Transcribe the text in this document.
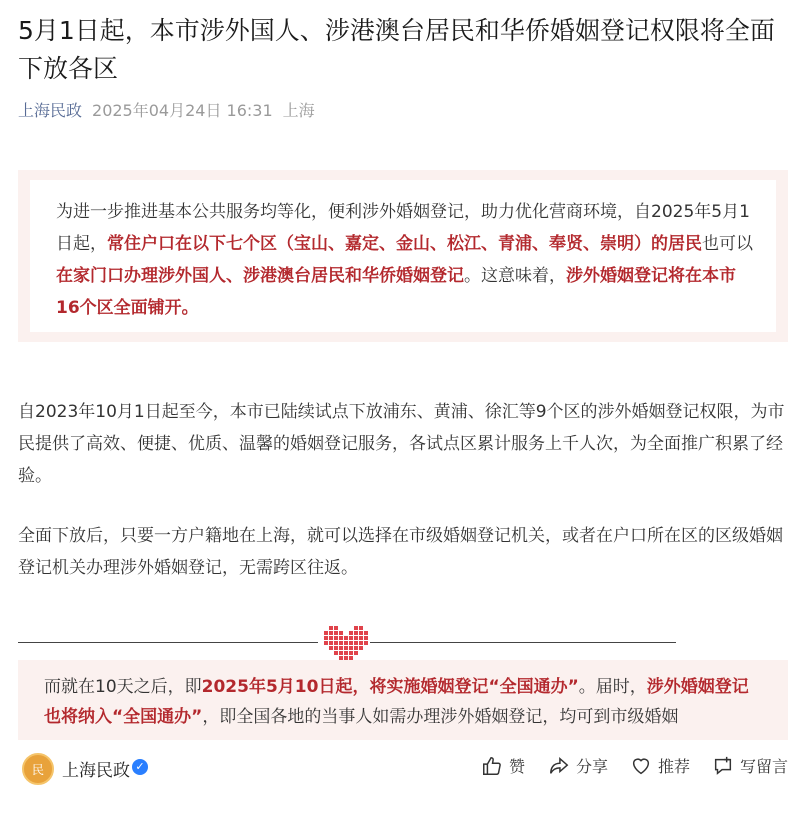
5月1日起，本市涉外国人、涉港澳台居民和华侨婚姻登记权限将全面下放各区
上海民政 2025年04月24日 16:31 上海
为进一步推进基本公共服务均等化，便利涉外婚姻登记，助力优化营商环境，自2025年5月1日起，常住户口在以下七个区（宝山、嘉定、金山、松江、青浦、奉贤、崇明）的居民也可以在家门口办理涉外国人、涉港澳台居民和华侨婚姻登记。这意味着，涉外婚姻登记将在本市16个区全面铺开。

自2023年10月1日起至今，本市已陆续试点下放浦东、黄浦、徐汇等9个区的涉外婚姻登记权限，为市民提供了高效、便捷、优质、温馨的婚姻登记服务，各试点区累计服务上千人次，为全面推广积累了经验。

全面下放后，只要一方户籍地在上海，就可以选择在市级婚姻登记机关，或者在户口所在区的区级婚姻登记机关办理涉外婚姻登记，无需跨区往返。

而就在10天之后，即2025年5月10日起，将实施婚姻登记“全国通办”。届时，涉外婚姻登记也将纳入“全国通办”，即全国各地的当事人如需办理涉外婚姻登记，均可到市级婚姻
民	上海民政 ✓	赞	分享	推荐	写留言
